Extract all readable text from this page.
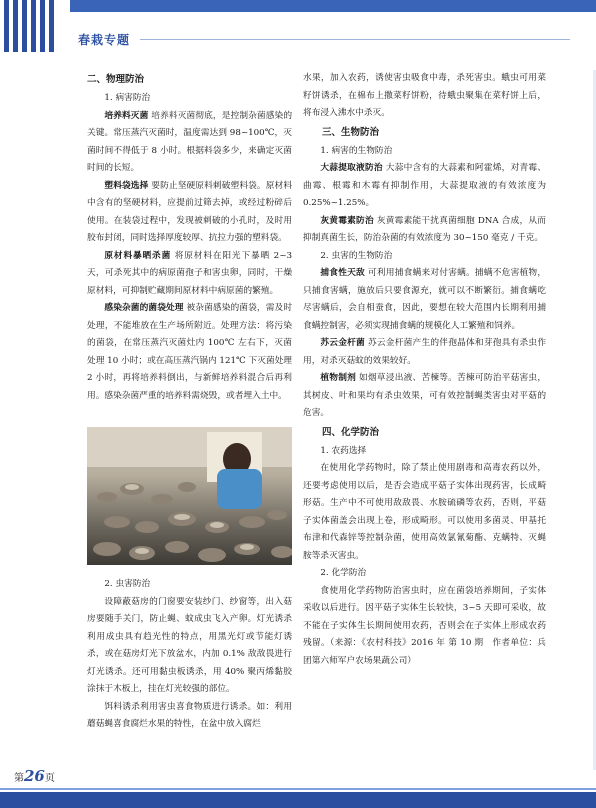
春栽专题

二、物理防治

1. 病害防治

培养料灭菌 培养料灭菌彻底，是控制杂菌感染的关键。常压蒸汽灭菌时，温度需达到 98~100℃，灭菌时间不得低于 8 小时。根据料袋多少，来确定灭菌时间的长短。

塑料袋选择 要防止坚硬原料刺破塑料袋。原材料中含有的坚硬材料，应提前过筛去掉，或经过粉碎后使用。在装袋过程中，发现被刺破的小孔时，及时用胶布封闭，同时选择厚度较厚、抗拉力强的塑料袋。

原材料暴晒杀菌 将原材料在阳光下暴晒 2~3 天，可杀死其中的病原菌孢子和害虫卵，同时，干燥原材料，可抑制贮藏期间原材料中病原菌的繁殖。

感染杂菌的菌袋处理 被杂菌感染的菌袋，需及时处理，不能堆放在生产场所附近。处理方法：将污染的菌袋，在常压蒸汽灭菌灶内 100℃ 左右下，灭菌处理 10 小时；或在高压蒸汽锅内 121℃ 下灭菌处理 2 小时，再将培养料倒出，与新鲜培养料混合后再利用。感染杂菌严重的培养料需烧毁，或者埋入土中。

2. 虫害防治

设障蔽菇房的门窗要安装纱门、纱窗等，出入菇房要随手关门，防止蝇、蚊成虫飞入产卵。灯光诱杀利用成虫具有趋光性的特点，用黑光灯或节能灯诱杀，或在菇房灯光下放盆水，内加 0.1% 敌敌畏进行灯光诱杀。还可用黏虫板诱杀，用 40% 聚丙烯黏胶涂抹于木板上，挂在灯光较强的部位。

饵料诱杀利用害虫喜食物质进行诱杀。如：利用蘑菇蝇喜食腐烂水果的特性，在盆中放入腐烂

水果，加入农药，诱使害虫吸食中毒，杀死害虫。蛾虫可用菜籽饼诱杀，在棉布上撒菜籽饼粉，待蛾虫聚集在菜籽饼上后，将布浸入沸水中杀灭。

三、生物防治

1. 病害的生物防治

大蒜提取液防治 大蒜中含有的大蒜素和阿霍烯，对青霉、曲霉、根霉和木霉有抑制作用，大蒜提取液的有效浓度为 0.25%~1.25%。

灰黄霉素防治 灰黄霉素能干扰真菌细胞 DNA 合成，从而抑制真菌生长，防治杂菌的有效浓度为 30~150 毫克 / 千克。

2. 虫害的生物防治

捕食性天敌 可利用捕食螨来对付害螨。捕螨不危害植物，只捕食害螨，施放后只要食源充，就可以不断繁衍。捕食螨吃尽害螨后，会自相蚕食，因此，要想在较大范围内长期利用捕食螨控制害，必须实现捕食螨的规模化人工繁殖和饲养。

苏云金杆菌 苏云金杆菌产生的伴孢晶体和芽孢具有杀虫作用，对杀灭菇蚊的效果较好。

植物制剂 如烟草浸出液、苦楝等。苦楝可防治平菇害虫，其树皮、叶和果均有杀虫效果，可有效控制蝇类害虫对平菇的危害。

四、化学防治

1. 农药选择

在使用化学药物时，除了禁止使用剧毒和高毒农药以外，还要考虑使用以后，是否会造成平菇子实体出现药害，长成畸形菇。生产中不可使用敌敌畏、水胺硫磷等农药，否则，平菇子实体菌盖会出现上卷，形成畸形。可以使用多菌灵、甲基托布津和代森锌等控制杂菌，使用高效氯氰菊酯、克螨特、灭蝇胺等杀灭害虫。

2. 化学防治

食使用化学药物防治害虫时，应在菌袋培养期间，子实体采收以后进行。因平菇子实体生长较快，3~5 天即可采收，故不能在子实体生长期间使用农药，否则会在子实体上形成农药残留。（来源：《农村科技》2016 年 第 10 期　作者单位：兵团第六师军户农场果蔬公司）

第26页
